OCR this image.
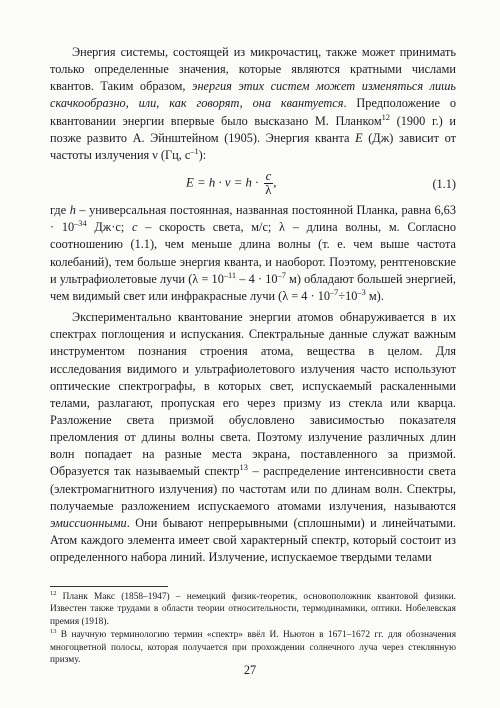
Энергия системы, состоящей из микрочастиц, также может принимать только определенные значения, которые являются кратными числами квантов. Таким образом, энергия этих систем может изменяться лишь скачкообразно, или, как говорят, она квантуется. Предположение о квантовании энергии впервые было высказано М. Планком$^{12}$ (1900 г.) и позже развито А. Эйнштейном (1905). Энергия кванта E (Дж) зависит от частоты излучения ν (Гц, $с^{-1}$):

$E = h \cdot \nu = h \cdot \frac{c}{\lambda}$ ,	(1.1)

где h – универсальная постоянная, названная постоянной Планка, равна $6,63 \cdot 10^{-34}$ Дж·с; c – скорость света, м/с; λ – длина волны, м. Согласно соотношению (1.1), чем меньше длина волны (т. е. чем выше частота колебаний), тем больше энергия кванта, и наоборот. Поэтому, рентгеновские и ультрафиолетовые лучи ($\lambda = 10^{-11} - 4 \cdot 10^{-7}$ м) обладают большей энергией, чем видимый свет или инфракрасные лучи ($\lambda = 4 \cdot 10^{-7}\div 10^{-3}$ м).

Экспериментально квантование энергии атомов обнаруживается в их спектрах поглощения и испускания. Спектральные данные служат важным инструментом познания строения атома, вещества в целом. Для исследования видимого и ультрафиолетового излучения часто используют оптические спектрографы, в которых свет, испускаемый раскаленными телами, разлагают, пропуская его через призму из стекла или кварца. Разложение света призмой обусловлено зависимостью показателя преломления от длины волны света. Поэтому излучение различных длин волн попадает на разные места экрана, поставленного за призмой. Образуется так называемый спектр$^{13}$ – распределение интенсивности света (электромагнитного излучения) по частотам или по длинам волн. Спектры, получаемые разложением испускаемого атомами излучения, называются эмиссионными. Они бывают непрерывными (сплошными) и линейчатыми. Атом каждого элемента имеет свой характерный спектр, который состоит из определенного набора линий. Излучение, испускаемое твердыми телами

$^{12}$ Планк Макс (1858–1947) – немецкий физик-теоретик, основоположник квантовой физики. Известен также трудами в области теории относительности, термодинамики, оптики. Нобелевская премия (1918).

$^{13}$ В научную терминологию термин «спектр» ввёл И. Ньютон в 1671–1672 гг. для обозначения многоцветной полосы, которая получается при прохождении солнечного луча через стеклянную призму.

27
